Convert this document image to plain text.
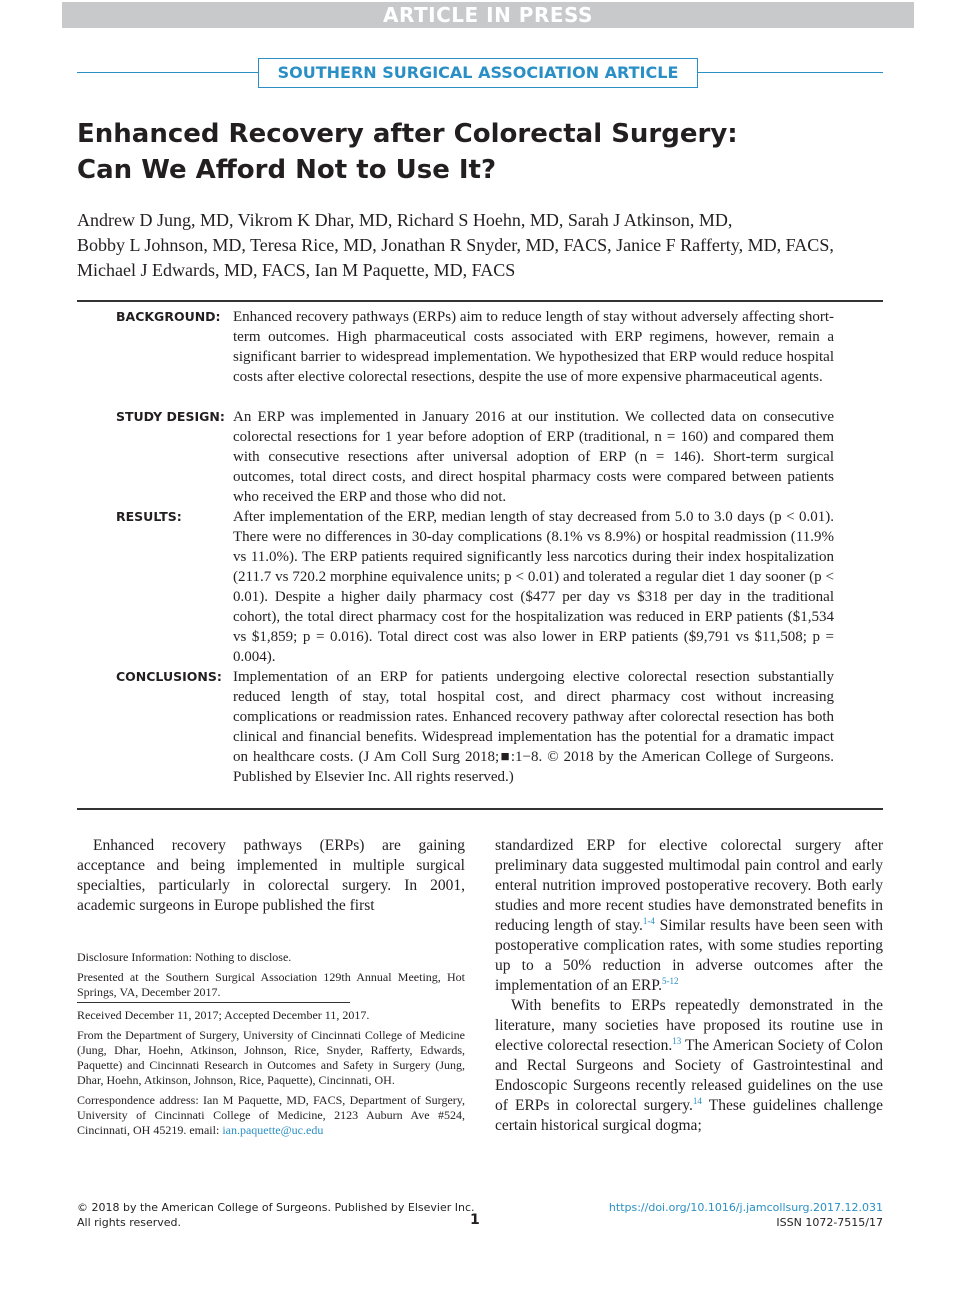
ARTICLE IN PRESS
SOUTHERN SURGICAL ASSOCIATION ARTICLE
Enhanced Recovery after Colorectal Surgery:
Can We Afford Not to Use It?
Andrew D Jung, MD, Vikrom K Dhar, MD, Richard S Hoehn, MD, Sarah J Atkinson, MD,
Bobby L Johnson, MD, Teresa Rice, MD, Jonathan R Snyder, MD, FACS, Janice F Rafferty, MD, FACS,
Michael J Edwards, MD, FACS, Ian M Paquette, MD, FACS
BACKGROUND: Enhanced recovery pathways (ERPs) aim to reduce length of stay without adversely affecting short-term outcomes. High pharmaceutical costs associated with ERP regimens, however, remain a significant barrier to widespread implementation. We hypothesized that ERP would reduce hospital costs after elective colorectal resections, despite the use of more expensive pharmaceutical agents.
STUDY DESIGN: An ERP was implemented in January 2016 at our institution. We collected data on consecutive colorectal resections for 1 year before adoption of ERP (traditional, n = 160) and compared them with consecutive resections after universal adoption of ERP (n = 146). Short-term surgical outcomes, total direct costs, and direct hospital pharmacy costs were compared between patients who received the ERP and those who did not.
RESULTS:	After implementation of the ERP, median length of stay decreased from 5.0 to 3.0 days (p < 0.01). There were no differences in 30-day complications (8.1% vs 8.9%) or hospital readmission (11.9% vs 11.0%). The ERP patients required significantly less narcotics during their index hospitalization (211.7 vs 720.2 morphine equivalence units; p < 0.01) and tolerated a regular diet 1 day sooner (p < 0.01). Despite a higher daily pharmacy cost ($477 per day vs $318 per day in the traditional cohort), the total direct pharmacy cost for the hospitalization was reduced in ERP patients ($1,534 vs $1,859; p = 0.016). Total direct cost was also lower in ERP patients ($9,791 vs $11,508; p = 0.004).
CONCLUSIONS: Implementation of an ERP for patients undergoing elective colorectal resection substantially reduced length of stay, total hospital cost, and direct pharmacy cost without increasing complications or readmission rates. Enhanced recovery pathway after colorectal resection has both clinical and financial benefits. Widespread implementation has the potential for a dramatic impact on healthcare costs. (J Am Coll Surg 2018;■:1−8. © 2018 by the American College of Surgeons. Published by Elsevier Inc. All rights reserved.)

Enhanced recovery pathways (ERPs) are gaining acceptance and being implemented in multiple surgical specialties, particularly in colorectal surgery. In 2001, academic surgeons in Europe published the first

Disclosure Information: Nothing to disclose.

Presented at the Southern Surgical Association 129th Annual Meeting, Hot Springs, VA, December 2017.

Received December 11, 2017; Accepted December 11, 2017.

From the Department of Surgery, University of Cincinnati College of Medicine (Jung, Dhar, Hoehn, Atkinson, Johnson, Rice, Snyder, Rafferty, Edwards, Paquette) and Cincinnati Research in Outcomes and Safety in Surgery (Jung, Dhar, Hoehn, Atkinson, Johnson, Rice, Paquette), Cincinnati, OH.

Correspondence address: Ian M Paquette, MD, FACS, Department of Surgery, University of Cincinnati College of Medicine, 2123 Auburn Ave #524, Cincinnati, OH 45219. email: ian.paquette@uc.edu

standardized ERP for elective colorectal surgery after preliminary data suggested multimodal pain control and early enteral nutrition improved postoperative recovery. Both early studies and more recent studies have demonstrated benefits in reducing length of stay.$^{1-4}$ Similar results have been seen with postoperative complication rates, with some studies reporting up to a 50% reduction in adverse outcomes after the implementation of an ERP.$^{5-12}$

With benefits to ERPs repeatedly demonstrated in the literature, many societies have proposed its routine use in elective colorectal resection.$^{13}$ The American Society of Colon and Rectal Surgeons and Society of Gastrointestinal and Endoscopic Surgeons recently released guidelines on the use of ERPs in colorectal surgery.$^{14}$ These guidelines challenge certain historical surgical dogma;

© 2018 by the American College of Surgeons. Published by Elsevier Inc.
All rights reserved.	1
https://doi.org/10.1016/j.jamcollsurg.2017.12.031
ISSN 1072-7515/17
